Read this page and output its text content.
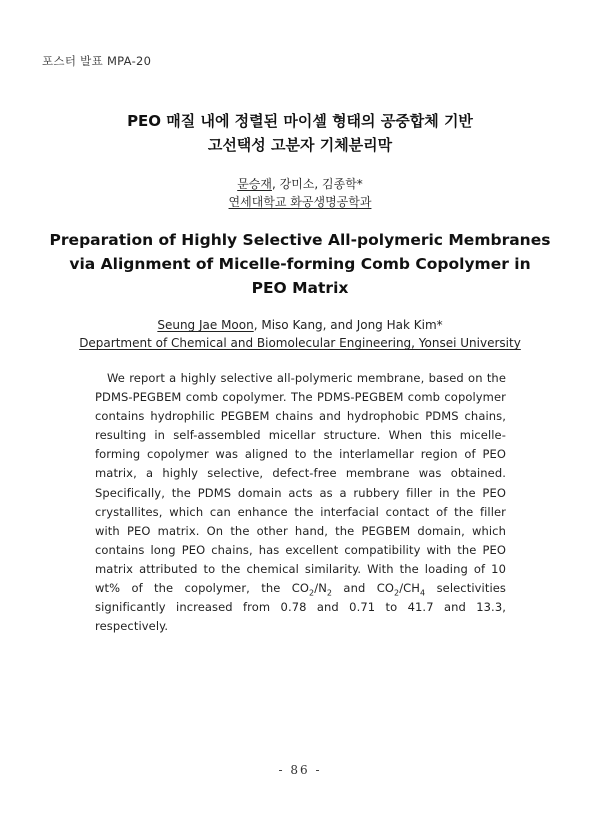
포스터 발표 MPA-20
PEO 매질 내에 정렬된 마이셀 형태의 공중합체 기반
고선택성 고분자 기체분리막
문승재, 강미소, 김종학*
연세대학교 화공생명공학과
Preparation of Highly Selective All-polymeric Membranes
via Alignment of Micelle-forming Comb Copolymer in
PEO Matrix
Seung Jae Moon, Miso Kang, and Jong Hak Kim*
Department of Chemical and Biomolecular Engineering, Yonsei University
We report a highly selective all-polymeric membrane, based on the PDMS-PEGBEM comb copolymer. The PDMS-PEGBEM comb copolymer contains hydrophilic PEGBEM chains and hydrophobic PDMS chains, resulting in self-assembled micellar structure. When this micelle-forming copolymer was aligned to the interlamellar region of PEO matrix, a highly selective, defect-free membrane was obtained. Specifically, the PDMS domain acts as a rubbery filler in the PEO crystallites, which can enhance the interfacial contact of the filler with PEO matrix. On the other hand, the PEGBEM domain, which contains long PEO chains, has excellent compatibility with the PEO matrix attributed to the chemical similarity. With the loading of 10 wt% of the copolymer, the $CO_2/N_2$ and $CO_2/CH_4$ selectivities significantly increased from 0.78 and 0.71 to 41.7 and 13.3, respectively.
- 86 -
